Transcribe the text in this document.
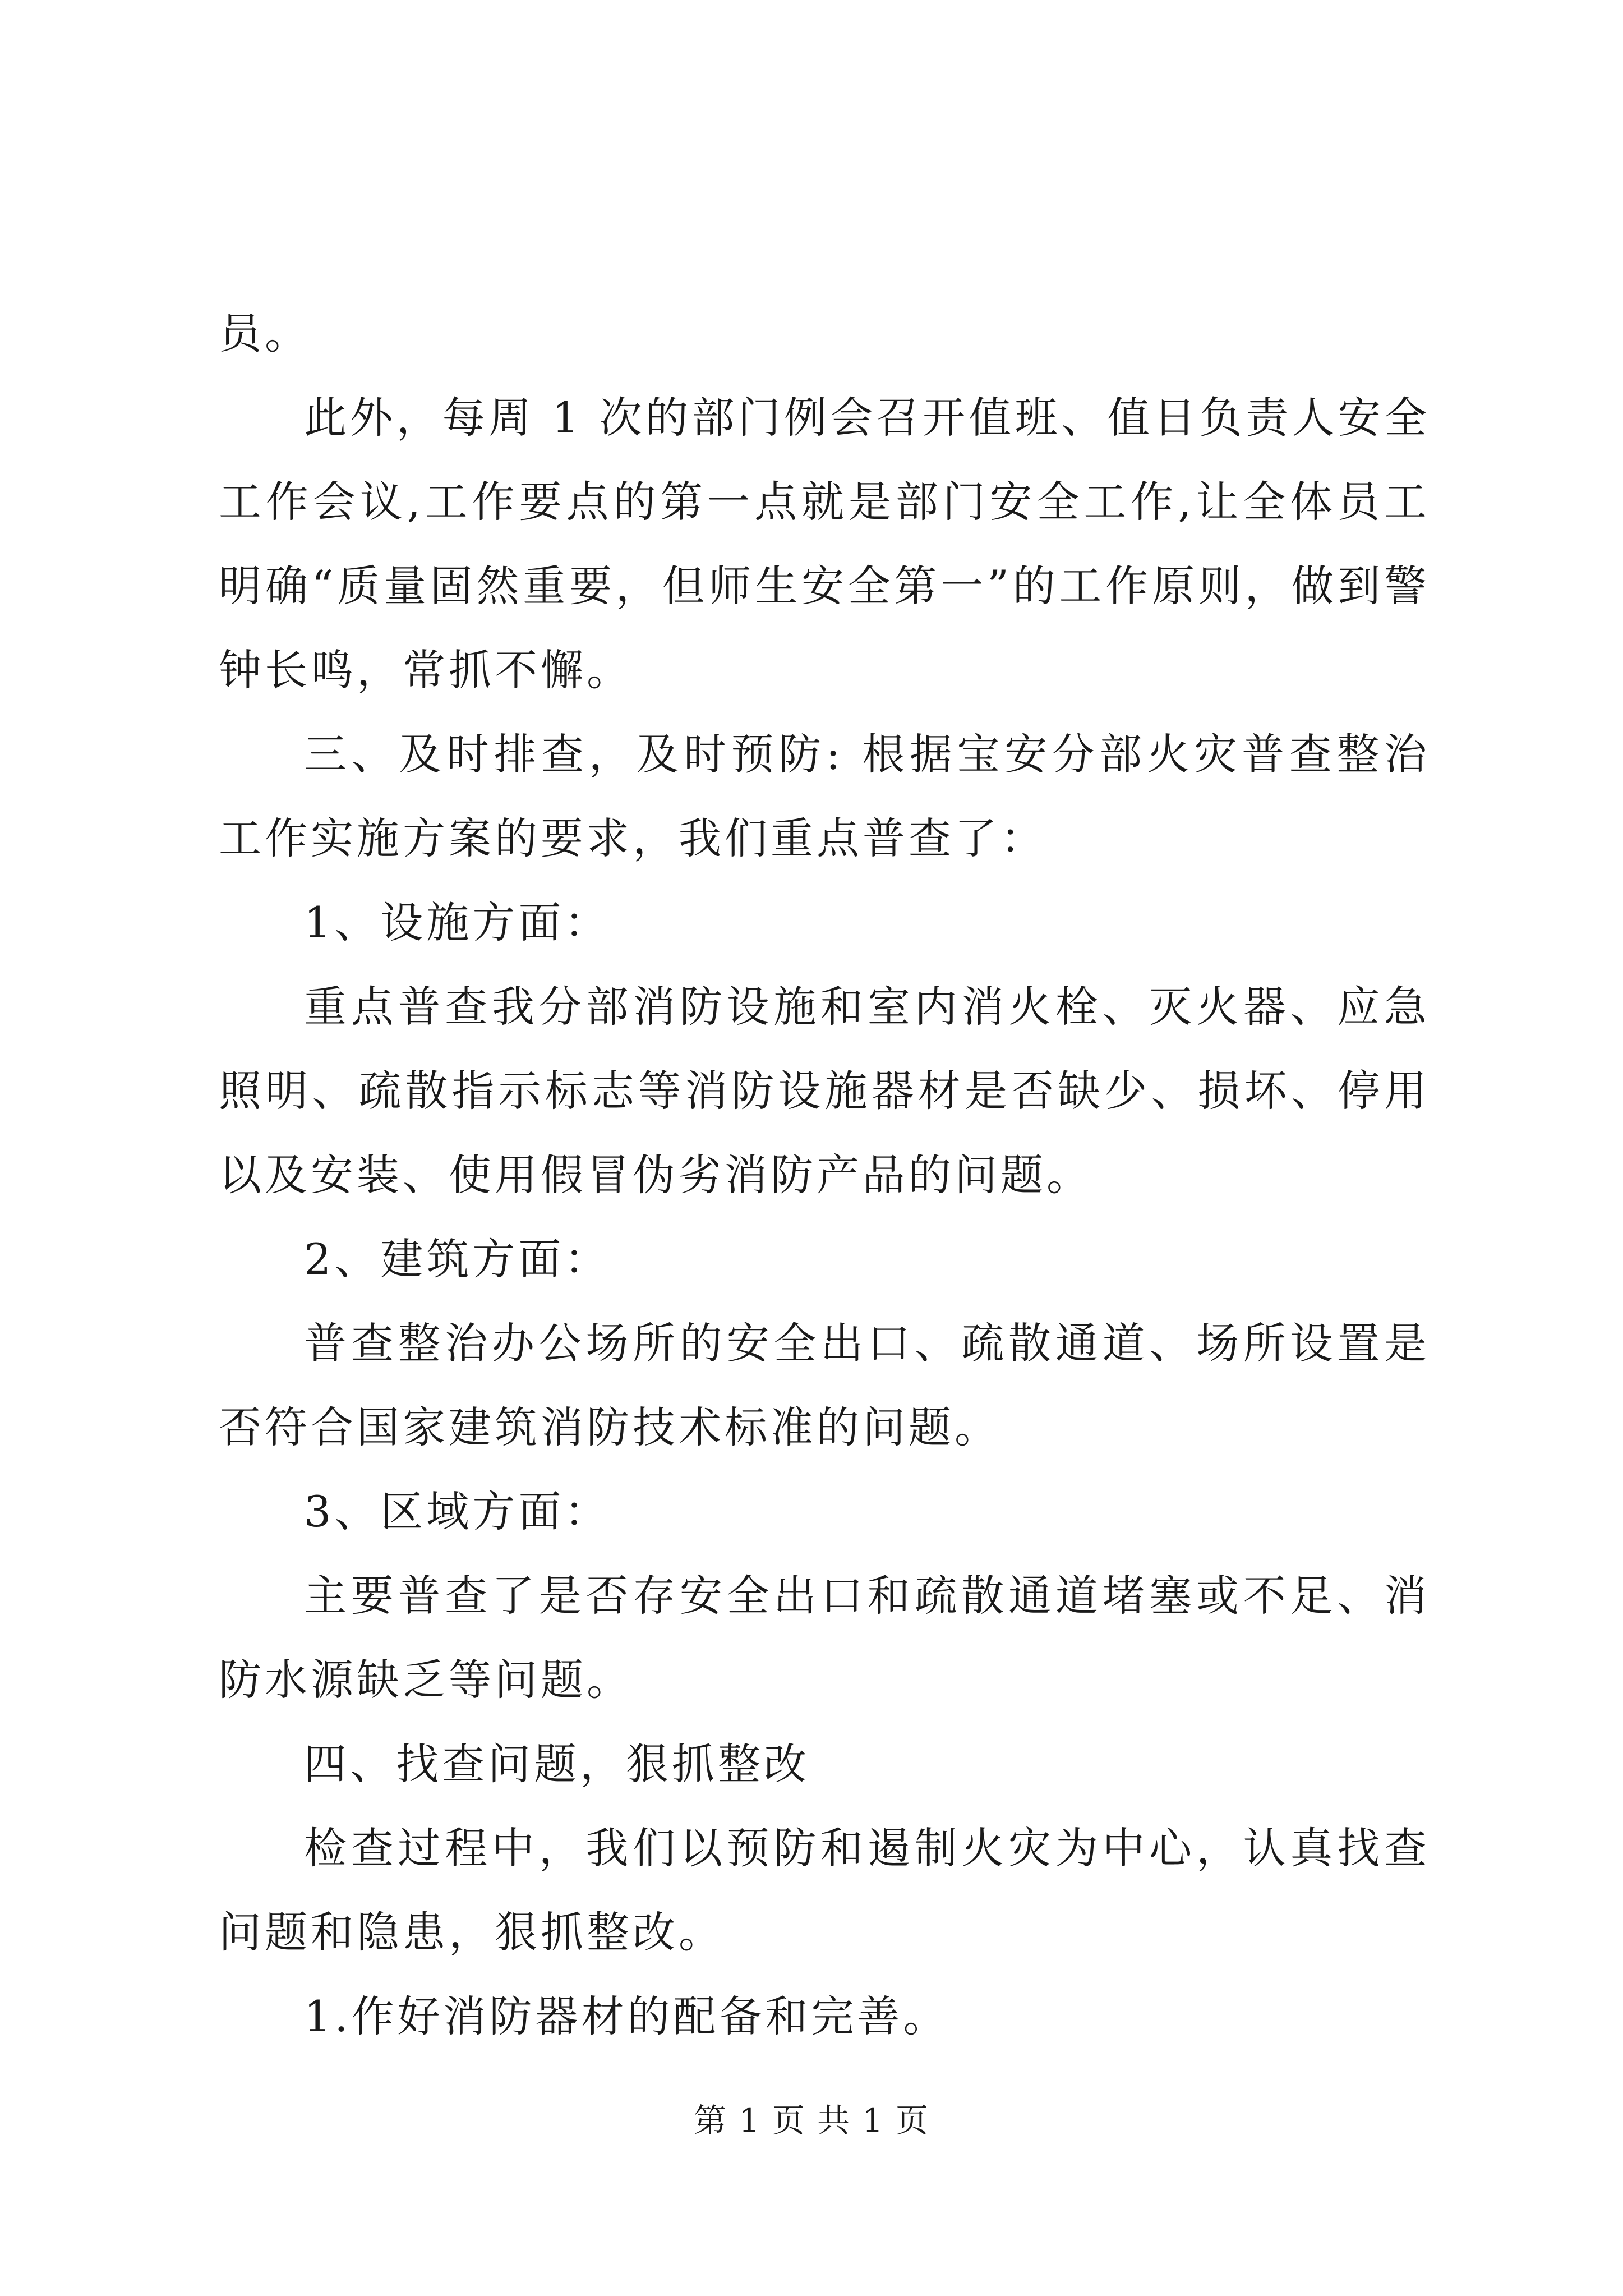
员。

此外，每周 1 次的部门例会召开值班、值日负责人安全工作会议,工作要点的第一点就是部门安全工作,让全体员工明确“质量固然重要，但师生安全第一”的工作原则，做到警钟长鸣，常抓不懈。

三、及时排查，及时预防: 根据宝安分部火灾普查整治工作实施方案的要求，我们重点普查了：

1、设施方面：

重点普查我分部消防设施和室内消火栓、灭火器、应急照明、疏散指示标志等消防设施器材是否缺少、损坏、停用以及安装、使用假冒伪劣消防产品的问题。

2、建筑方面：

普查整治办公场所的安全出口、疏散通道、场所设置是否符合国家建筑消防技术标准的问题。

3、区域方面：

主要普查了是否存安全出口和疏散通道堵塞或不足、消防水源缺乏等问题。

四、找查问题，狠抓整改

检查过程中，我们以预防和遏制火灾为中心，认真找查问题和隐患，狠抓整改。

1.作好消防器材的配备和完善。

第 1 页 共 1 页
